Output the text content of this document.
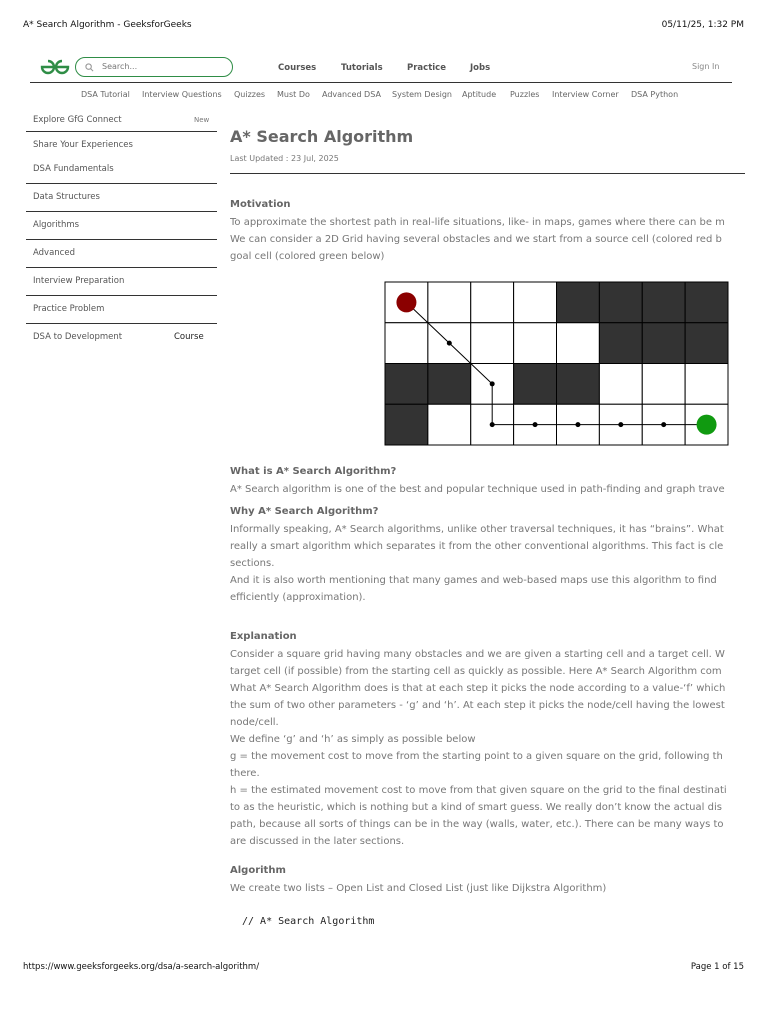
A* Search Algorithm - GeeksforGeeks	05/11/25, 1:32 PM
Search...	Courses	Tutorials	Practice	Jobs	Sign In
DSA Tutorial Interview Questions Quizzes Must Do Advanced DSA System Design Aptitude Puzzles Interview Corner DSA Python
Explore GfG Connect	New
Share Your Experiences
DSA Fundamentals
Data Structures
Algorithms
Advanced
Interview Preparation
Practice Problem
DSA to Development	Course
A* Search Algorithm
Last Updated : 23 Jul, 2025
Motivation
To approximate the shortest path in real-life situations, like- in maps, games where there can be m
We can consider a 2D Grid having several obstacles and we start from a source cell (colored red b
goal cell (colored green below)
What is A* Search Algorithm?
A* Search algorithm is one of the best and popular technique used in path-finding and graph trave
Why A* Search Algorithm?
Informally speaking, A* Search algorithms, unlike other traversal techniques, it has “brains”. What
really a smart algorithm which separates it from the other conventional algorithms. This fact is cle
sections.
And it is also worth mentioning that many games and web-based maps use this algorithm to find
efficiently (approximation).
Explanation
Consider a square grid having many obstacles and we are given a starting cell and a target cell. W
target cell (if possible) from the starting cell as quickly as possible. Here A* Search Algorithm com
What A* Search Algorithm does is that at each step it picks the node according to a value-‘f’ which
the sum of two other parameters - ‘g’ and ‘h’. At each step it picks the node/cell having the lowest
node/cell.
We define ‘g’ and ‘h’ as simply as possible below
g = the movement cost to move from the starting point to a given square on the grid, following th
there.
h = the estimated movement cost to move from that given square on the grid to the final destinati
to as the heuristic, which is nothing but a kind of smart guess. We really don’t know the actual dis
path, because all sorts of things can be in the way (walls, water, etc.). There can be many ways to
are discussed in the later sections.
Algorithm
We create two lists – Open List and Closed List (just like Dijkstra Algorithm)
// A* Search Algorithm
https://www.geeksforgeeks.org/dsa/a-search-algorithm/	Page 1 of 15
